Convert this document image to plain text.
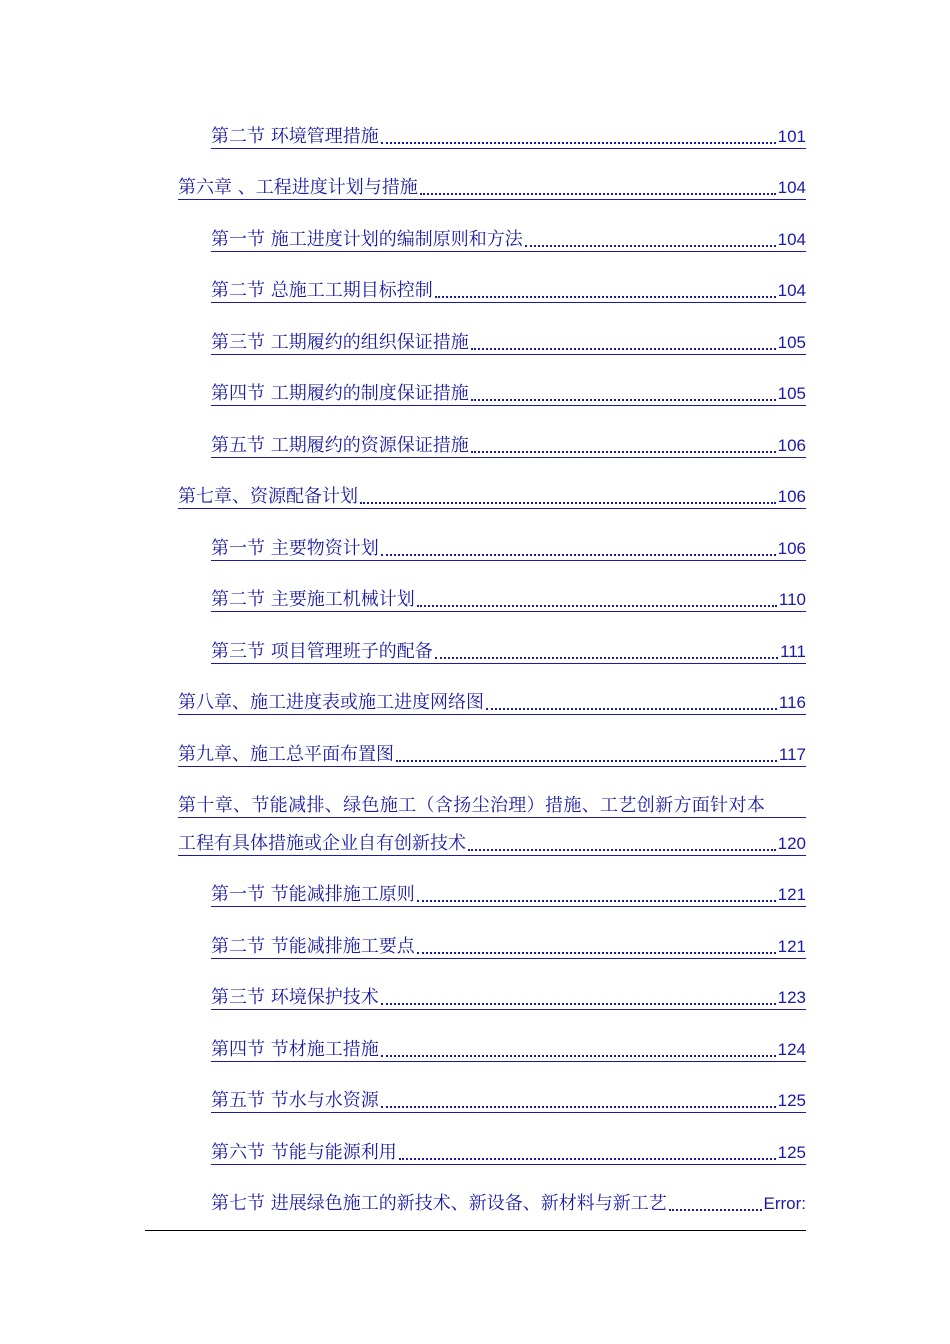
第二节 环境管理措施	101
第六章 、工程进度计划与措施	104
第一节 施工进度计划的编制原则和方法	104
第二节 总施工工期目标控制	104
第三节 工期履约的组织保证措施	105
第四节 工期履约的制度保证措施	105
第五节 工期履约的资源保证措施	106
第七章、资源配备计划	106
第一节 主要物资计划	106
第二节 主要施工机械计划	110
第三节 项目管理班子的配备	111
第八章、施工进度表或施工进度网络图	116
第九章、施工总平面布置图	117
第十章、节能减排、绿色施工（含扬尘治理）措施、工艺创新方面针对本
工程有具体措施或企业自有创新技术	120
第一节 节能减排施工原则	121
第二节 节能减排施工要点	121
第三节 环境保护技术	123
第四节 节材施工措施	124
第五节 节水与水资源	125
第六节 节能与能源利用	125
第七节 进展绿色施工的新技术、新设备、新材料与新工艺	Error:
